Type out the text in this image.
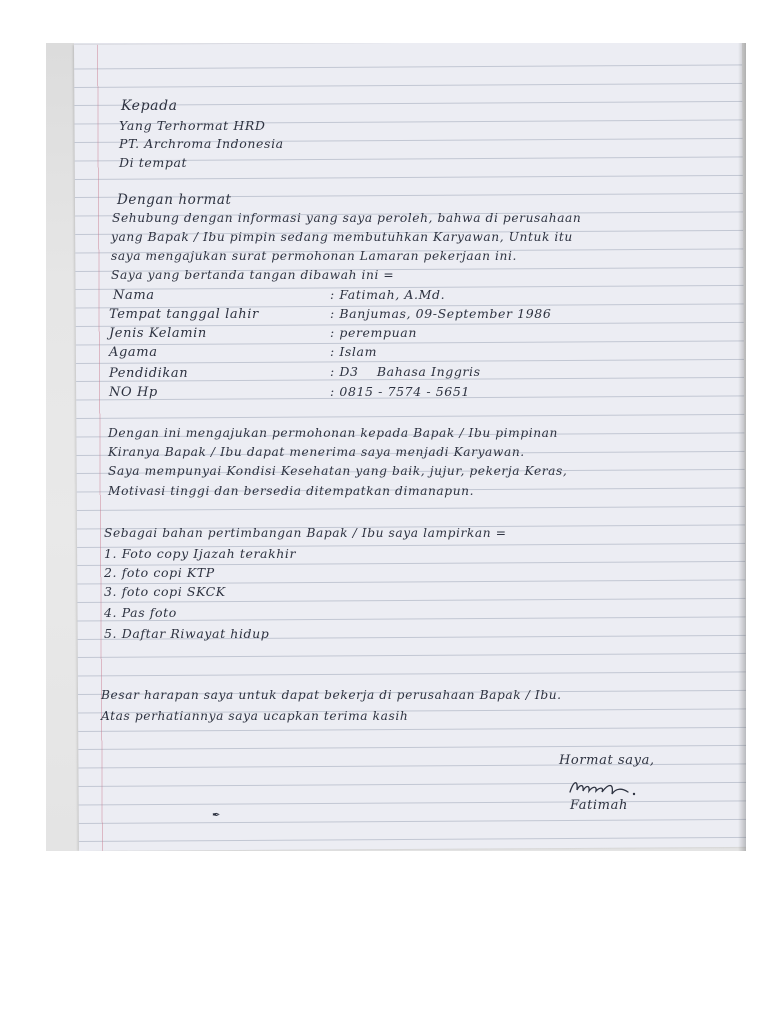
Kepada
Yang Terhormat HRD
PT. Archroma Indonesia
Di tempat
Dengan hormat
Sehubung dengan informasi yang saya peroleh, bahwa di perusahaan
yang Bapak / Ibu pimpin sedang membutuhkan Karyawan, Untuk itu
saya mengajukan surat permohonan Lamaran pekerjaan ini.
Saya yang bertanda tangan dibawah ini =
Nama	: Fatimah, A.Md.
Tempat tanggal lahir	: Banjumas, 09-September 1986
Jenis Kelamin	: perempuan
Agama	: Islam
Pendidikan	: D3    Bahasa Inggris
NO Hp	: 0815 - 7574 - 5651
Dengan ini mengajukan permohonan kepada Bapak / Ibu pimpinan
Kiranya Bapak / Ibu dapat menerima saya menjadi Karyawan.
Saya mempunyai Kondisi Kesehatan yang baik, jujur, pekerja Keras,
Motivasi tinggi dan bersedia ditempatkan dimanapun.
Sebagai bahan pertimbangan Bapak / Ibu saya lampirkan =
1. Foto copy Ijazah terakhir
2. foto copi KTP
3. foto copi SKCK
4. Pas foto
5. Daftar Riwayat hidup
Besar harapan saya untuk dapat bekerja di perusahaan Bapak / Ibu.
Atas perhatiannya saya ucapkan terima kasih
Hormat saya,
Fatimah
✒
